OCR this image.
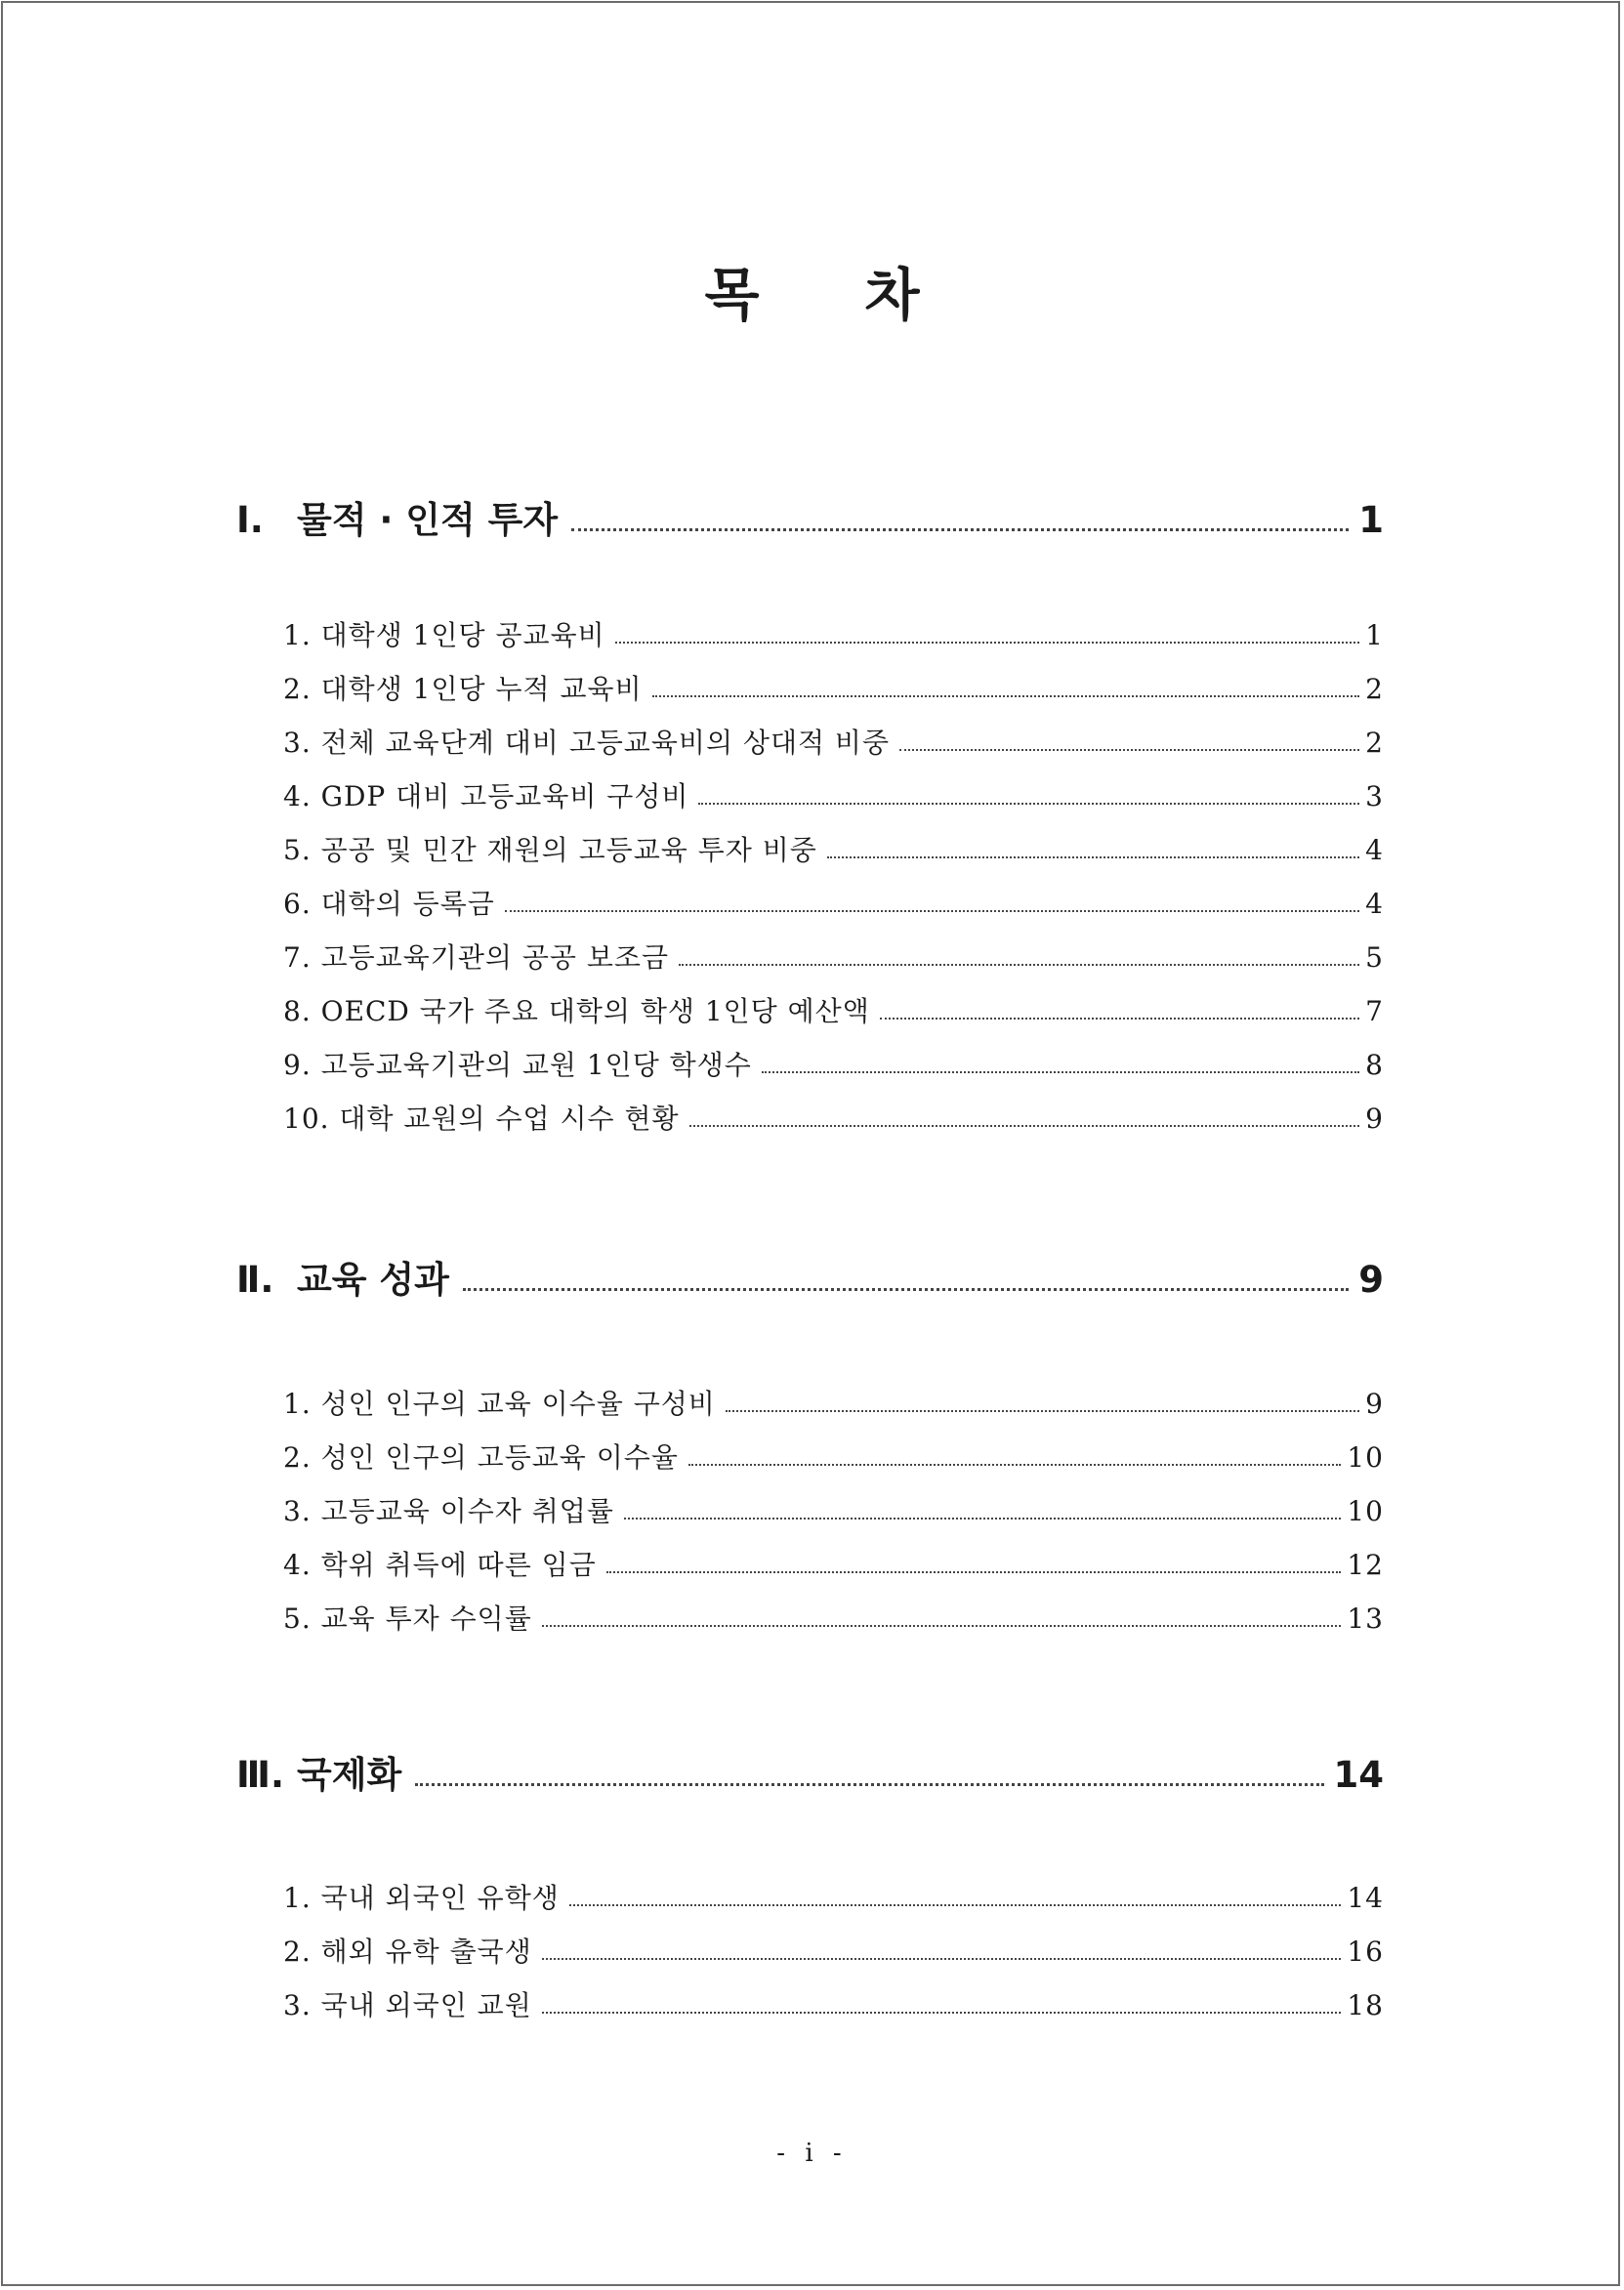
목 차
Ⅰ. 물적 · 인적 투자	1
1. 대학생 1인당 공교육비	1
2. 대학생 1인당 누적 교육비	2
3. 전체 교육단계 대비 고등교육비의 상대적 비중	2
4. GDP 대비 고등교육비 구성비	3
5. 공공 및 민간 재원의 고등교육 투자 비중	4
6. 대학의 등록금	4
7. 고등교육기관의 공공 보조금	5
8. OECD 국가 주요 대학의 학생 1인당 예산액	7
9. 고등교육기관의 교원 1인당 학생수	8
10. 대학 교원의 수업 시수 현황	9
Ⅱ. 교육 성과	9
1. 성인 인구의 교육 이수율 구성비	9
2. 성인 인구의 고등교육 이수율	10
3. 고등교육 이수자 취업률	10
4. 학위 취득에 따른 임금	12
5. 교육 투자 수익률	13
Ⅲ. 국제화	14
1. 국내 외국인 유학생	14
2. 해외 유학 출국생	16
3. 국내 외국인 교원	18
- i -
